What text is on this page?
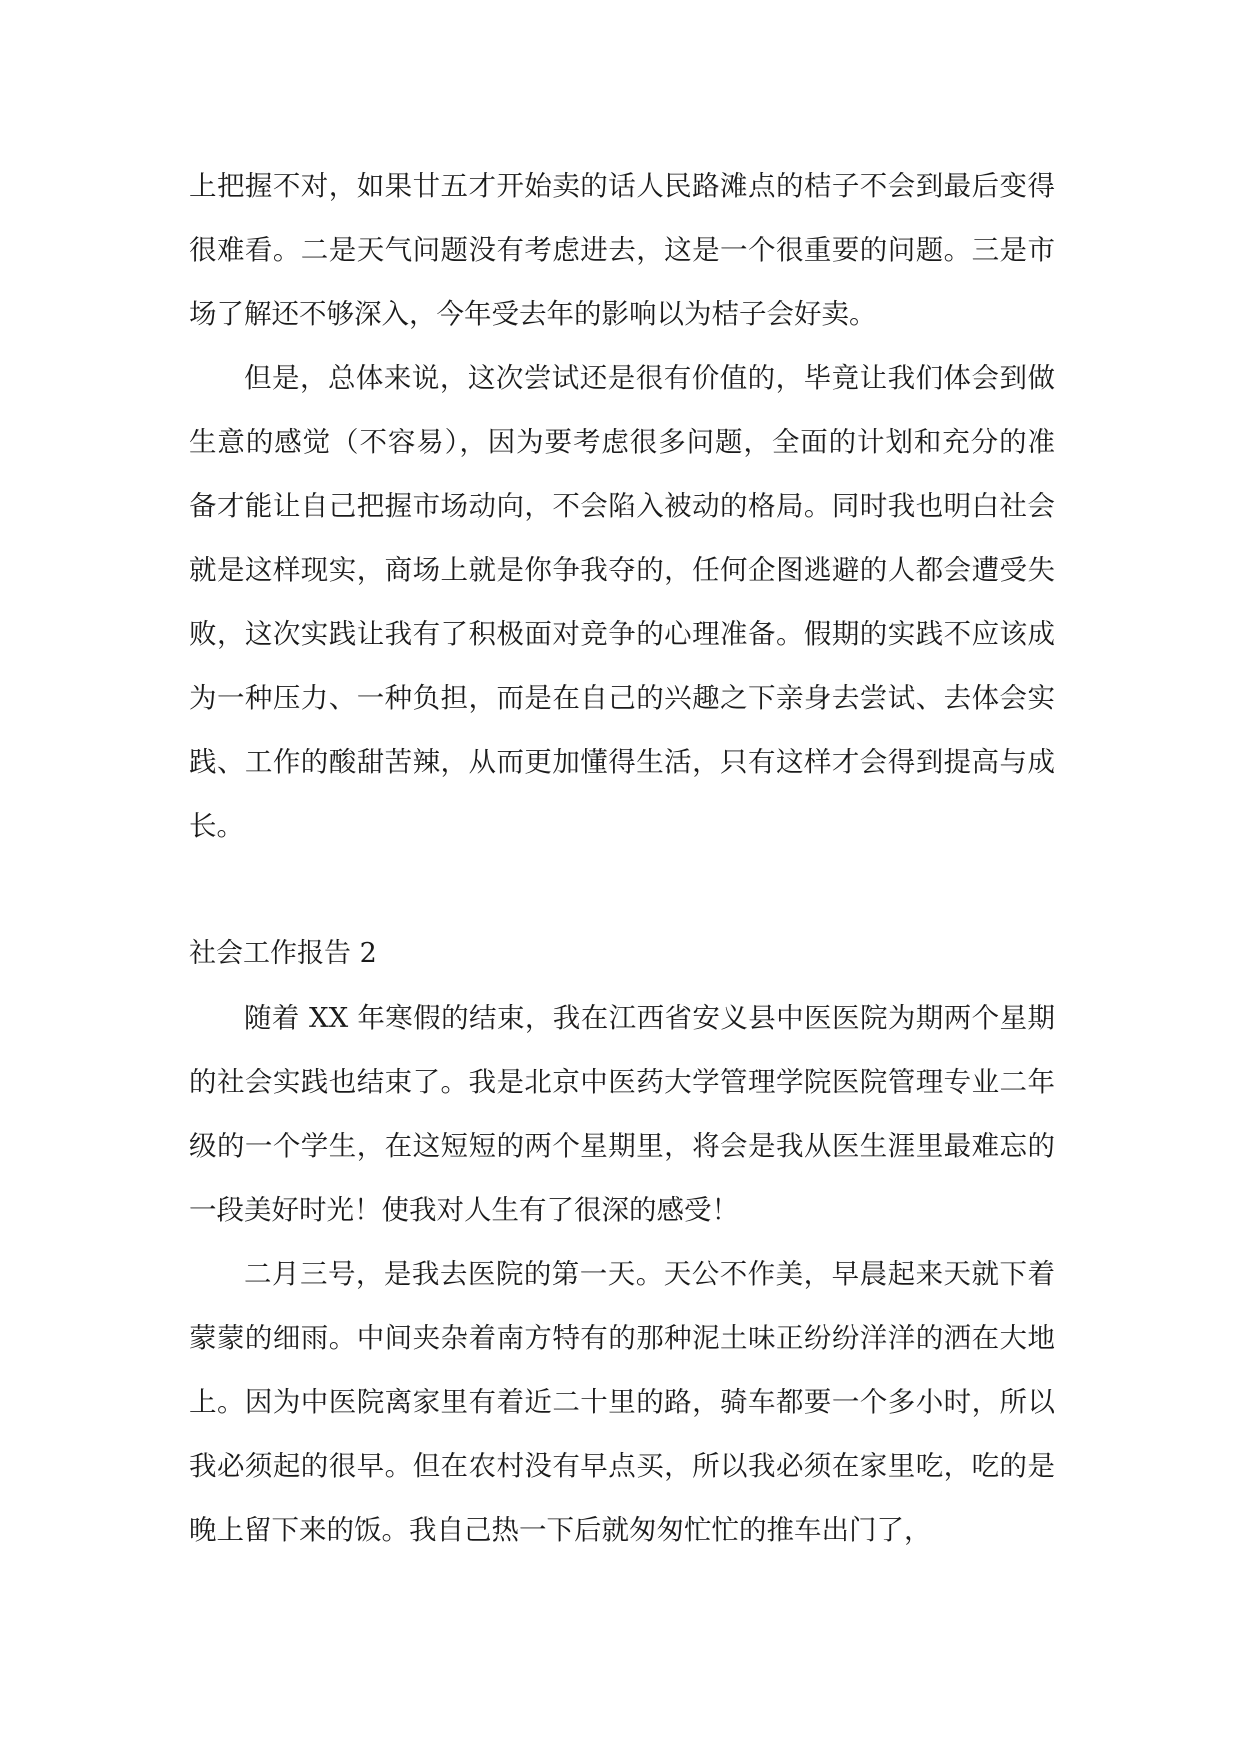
上把握不对，如果廿五才开始卖的话人民路滩点的桔子不会到最后变得很难看。二是天气问题没有考虑进去，这是一个很重要的问题。三是市场了解还不够深入，今年受去年的影响以为桔子会好卖。

但是，总体来说，这次尝试还是很有价值的，毕竟让我们体会到做生意的感觉（不容易），因为要考虑很多问题，全面的计划和充分的准备才能让自己把握市场动向，不会陷入被动的格局。同时我也明白社会就是这样现实，商场上就是你争我夺的，任何企图逃避的人都会遭受失败，这次实践让我有了积极面对竞争的心理准备。假期的实践不应该成为一种压力、一种负担，而是在自己的兴趣之下亲身去尝试、去体会实践、工作的酸甜苦辣，从而更加懂得生活，只有这样才会得到提高与成长。

社会工作报告 2

随着 XX 年寒假的结束，我在江西省安义县中医医院为期两个星期的社会实践也结束了。我是北京中医药大学管理学院医院管理专业二年级的一个学生，在这短短的两个星期里，将会是我从医生涯里最难忘的一段美好时光！使我对人生有了很深的感受！

二月三号，是我去医院的第一天。天公不作美，早晨起来天就下着蒙蒙的细雨。中间夹杂着南方特有的那种泥土味正纷纷洋洋的洒在大地上。因为中医院离家里有着近二十里的路，骑车都要一个多小时，所以我必须起的很早。但在农村没有早点买，所以我必须在家里吃，吃的是晚上留下来的饭。我自己热一下后就匆匆忙忙的推车出门了，
